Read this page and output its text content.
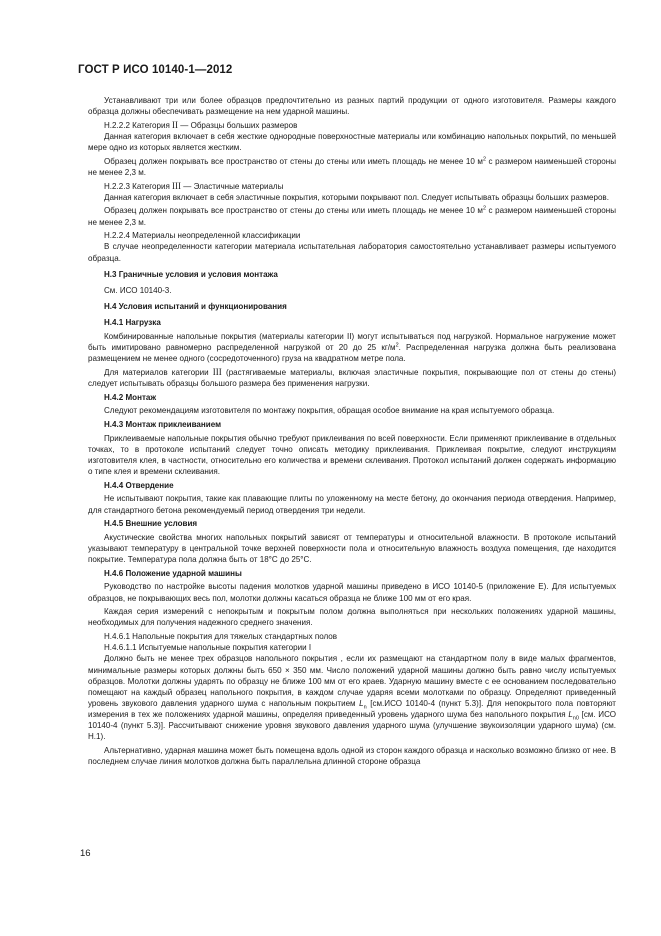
ГОСТ Р ИСО 10140-1—2012

Устанавливают три или более образцов предпочтительно из разных партий продукции от одного изготовителя. Размеры каждого образца должны обеспечивать размещение на нем ударной машины.

Н.2.2.2 Категория II — Образцы больших размеров

Данная категория включает в себя жесткие однородные поверхностные материалы или комбинацию напольных покрытий, по меньшей мере одно из которых является жестким.

Образец должен покрывать все пространство от стены до стены или иметь площадь не менее 10 $м^2$ с размером наименьшей стороны не менее 2,3 м.

Н.2.2.3 Категория III — Эластичные материалы

Данная категория включает в себя эластичные покрытия, которыми покрывают пол. Следует испытывать образцы больших размеров.

Образец должен покрывать все пространство от стены до стены или иметь площадь не менее 10 $м^2$ с размером наименьшей стороны не менее 2,3 м.

Н.2.2.4 Материалы неопределенной классификации

В случае неопределенности категории материала испытательная лаборатория самостоятельно устанавливает размеры испытуемого образца.

Н.3 Граничные условия и условия монтажа

См. ИСО 10140-3.

Н.4 Условия испытаний и функционирования

Н.4.1 Нагрузка

Комбинированные напольные покрытия (материалы категории II) могут испытываться под нагрузкой. Нормальное нагружение может быть имитировано равномерно распределенной нагрузкой от 20 до 25 $кг/м^2$. Распределенная нагрузка должна быть реализована размещением не менее одного (сосредоточенного) груза на квадратном метре пола.

Для материалов категории III (растягиваемые материалы, включая эластичные покрытия, покрывающие пол от стены до стены) следует испытывать образцы большого размера без применения нагрузки.

Н.4.2 Монтаж

Следуют рекомендациям изготовителя по монтажу покрытия, обращая особое внимание на края испытуемого образца.

Н.4.3 Монтаж приклеиванием

Приклеиваемые напольные покрытия обычно требуют приклеивания по всей поверхности. Если применяют приклеивание в отдельных точках, то в протоколе испытаний следует точно описать методику приклеивания. Приклеивая покрытие, следуют инструкциям изготовителя клея, в частности, относительно его количества и времени склеивания. Протокол испытаний должен содержать информацию о типе клея и времени склеивания.

Н.4.4 Отвердение

Не испытывают покрытия, такие как плавающие плиты по уложенному на месте бетону, до окончания периода отвердения. Например, для стандартного бетона рекомендуемый период отвердения три недели.

Н.4.5 Внешние условия

Акустические свойства многих напольных покрытий зависят от температуры и относительной влажности. В протоколе испытаний указывают температуру в центральной точке верхней поверхности пола и относительную влажность воздуха помещения, где находится покрытие. Температура пола должна быть от 18°С до 25°С.

Н.4.6 Положение ударной машины

Руководство по настройке высоты падения молотков ударной машины приведено в ИСО 10140-5 (приложение Е). Для испытуемых образцов, не покрывающих весь пол, молотки должны касаться образца не ближе 100 мм от его края.

Каждая серия измерений с непокрытым и покрытым полом должна выполняться при нескольких положениях ударной машины, необходимых для получения надежного среднего значения.

Н.4.6.1 Напольные покрытия для тяжелых стандартных полов

Н.4.6.1.1 Испытуемые напольные покрытия категории I

Должно быть не менее трех образцов напольного покрытия , если их размещают на стандартном полу в виде малых фрагментов, минимальные размеры которых должны быть 650 × 350 мм. Число положений ударной машины должно быть равно числу испытуемых образцов. Молотки должны ударять по образцу не ближе 100 мм от его краев. Ударную машину вместе с ее основанием последовательно помещают на каждый образец напольного покрытия, в каждом случае ударяя всеми молотками по образцу. Определяют приведенный уровень звукового давления ударного шума с напольным покрытием $L_n$ [см.ИСО 10140-4 (пункт 5.3)]. Для непокрытого пола повторяют измерения в тех же положениях ударной машины, определяя приведенный уровень ударного шума без напольного покрытия $L_{n0}$ [см. ИСО 10140-4 (пункт 5.3)]. Рассчитывают снижение уровня звукового давления ударного шума (улучшение звукоизоляции ударного шума) (см. Н.1).

Альтернативно, ударная машина может быть помещена вдоль одной из сторон каждого образца и насколько возможно близко от нее. В последнем случае линия молотков должна быть параллельна длинной стороне образца

16
